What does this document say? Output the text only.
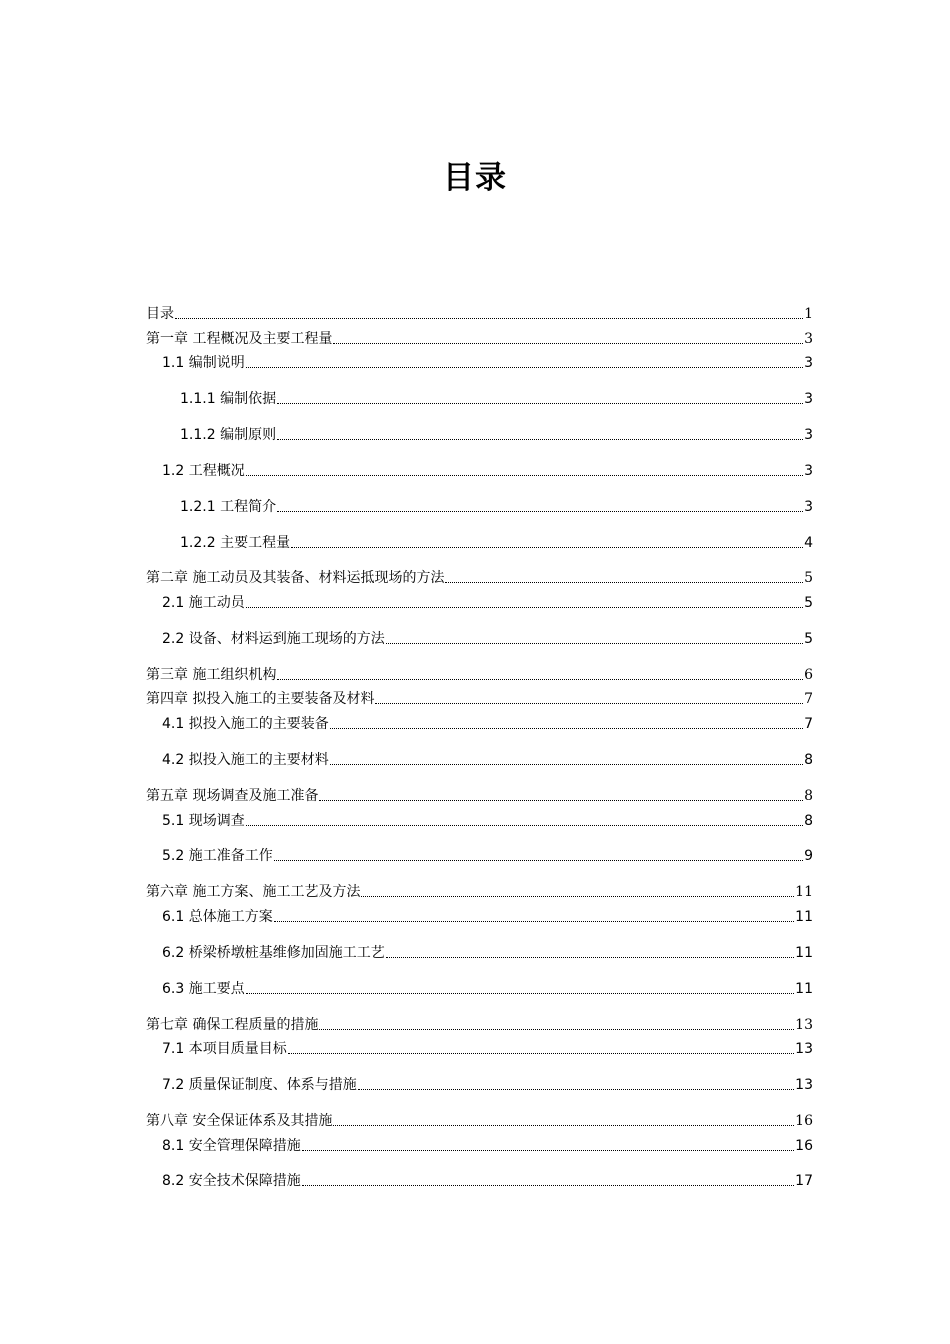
目录
目录	1
第一章 工程概况及主要工程量	3
1.1 编制说明	3
1.1.1 编制依据	3
1.1.2 编制原则	3
1.2 工程概况	3
1.2.1 工程简介	3
1.2.2 主要工程量	4
第二章 施工动员及其装备、材料运抵现场的方法	5
2.1 施工动员	5
2.2 设备、材料运到施工现场的方法	5
第三章 施工组织机构	6
第四章 拟投入施工的主要装备及材料	7
4.1 拟投入施工的主要装备	7
4.2 拟投入施工的主要材料	8
第五章 现场调查及施工准备	8
5.1 现场调查	8
5.2 施工准备工作	9
第六章 施工方案、施工工艺及方法	11
6.1 总体施工方案	11
6.2 桥梁桥墩桩基维修加固施工工艺	11
6.3 施工要点	11
第七章 确保工程质量的措施	13
7.1 本项目质量目标	13
7.2 质量保证制度、体系与措施	13
第八章 安全保证体系及其措施	16
8.1 安全管理保障措施	16
8.2 安全技术保障措施	17
